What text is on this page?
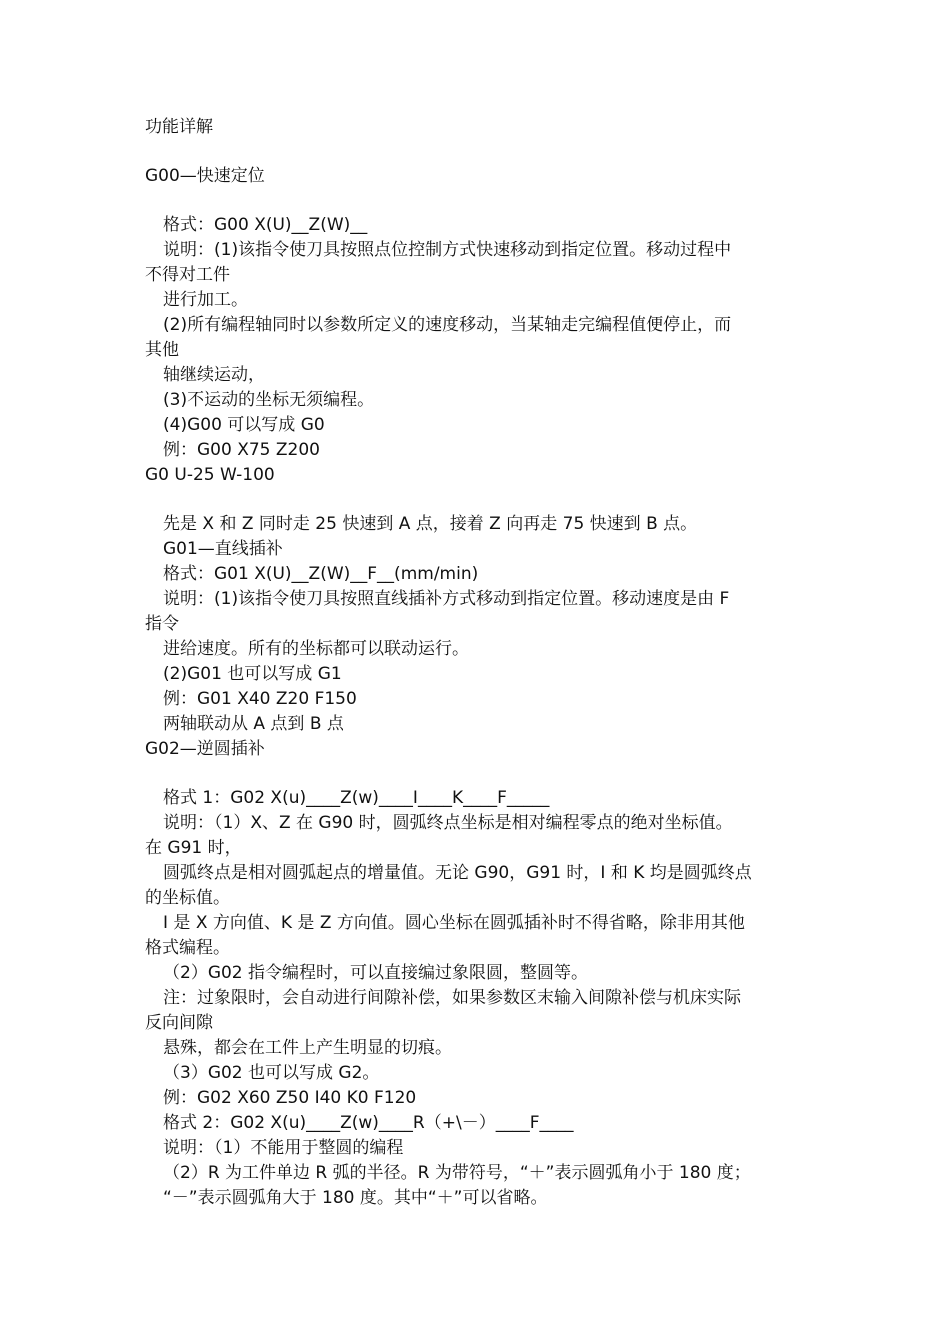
功能详解
G00—快速定位
格式：G00 X(U)__Z(W)__
说明：(1)该指令使刀具按照点位控制方式快速移动到指定位置。移动过程中
不得对工件
进行加工。
(2)所有编程轴同时以参数所定义的速度移动，当某轴走完编程值便停止，而
其他
轴继续运动，
(3)不运动的坐标无须编程。
(4)G00 可以写成 G0
例：G00 X75 Z200
G0 U-25 W-100
先是 X 和 Z 同时走 25 快速到 A 点，接着 Z 向再走 75 快速到 B 点。
G01—直线插补
格式：G01 X(U)__Z(W)__F__(mm/min)
说明：(1)该指令使刀具按照直线插补方式移动到指定位置。移动速度是由 F
指令
进给速度。所有的坐标都可以联动运行。
(2)G01 也可以写成 G1
例：G01 X40 Z20 F150
两轴联动从 A 点到 B 点
G02—逆圆插补
格式 1：G02 X(u)____Z(w)____I____K____F_____
说明：（1）X、Z 在 G90 时，圆弧终点坐标是相对编程零点的绝对坐标值。
在 G91 时，
圆弧终点是相对圆弧起点的增量值。无论 G90，G91 时，I 和 K 均是圆弧终点
的坐标值。
I 是 X 方向值、K 是 Z 方向值。圆心坐标在圆弧插补时不得省略，除非用其他
格式编程。
（2）G02 指令编程时，可以直接编过象限圆，整圆等。
注：过象限时，会自动进行间隙补偿，如果参数区末输入间隙补偿与机床实际
反向间隙
悬殊，都会在工件上产生明显的切痕。
（3）G02 也可以写成 G2。
例：G02 X60 Z50 I40 K0 F120
格式 2：G02 X(u)____Z(w)____R（+\－）____F____
说明：（1）不能用于整圆的编程
（2）R 为工件单边 R 弧的半径。R 为带符号，“＋”表示圆弧角小于 180 度；
“－”表示圆弧角大于 180 度。其中“＋”可以省略。
